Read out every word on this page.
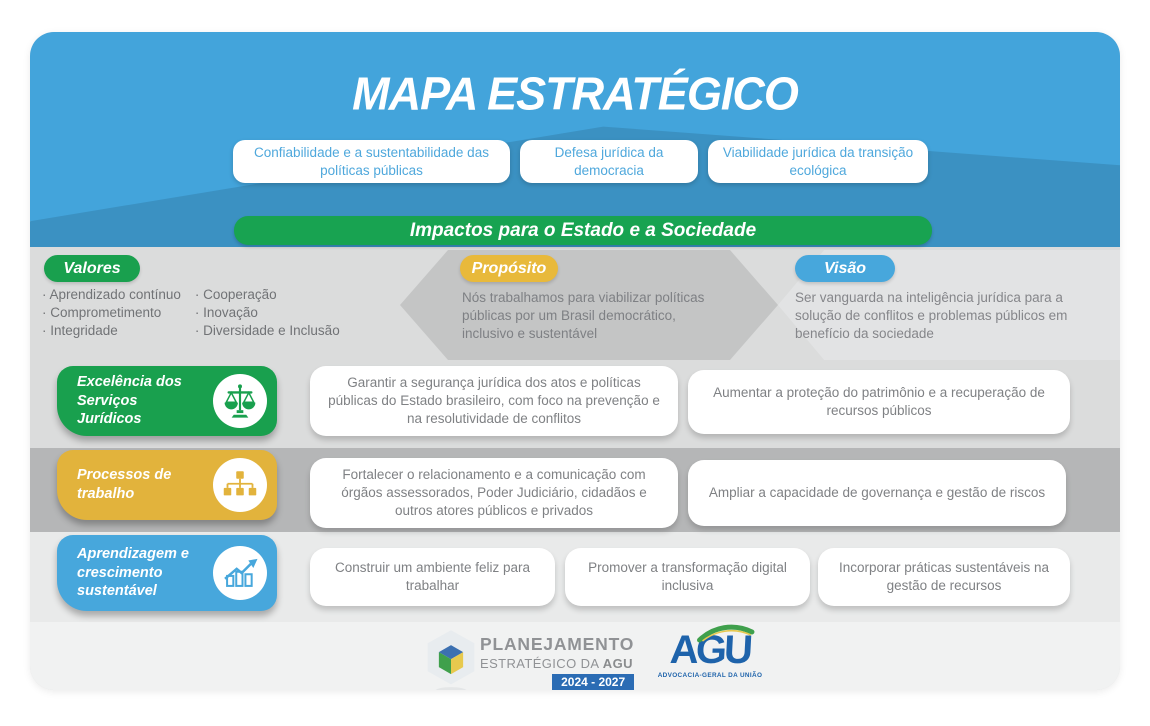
MAPA ESTRATÉGICO
Confiabilidade e a sustentabilidade das políticas públicas
Defesa jurídica da democracia
Viabilidade jurídica da transição ecológica
Impactos para o Estado e a Sociedade
Valores	Propósito	Visão
· Aprendizado contínuo
· Comprometimento
· Integridade
· Cooperação
· Inovação
· Diversidade e Inclusão
Nós trabalhamos para viabilizar políticas públicas por um Brasil democrático, inclusivo e sustentável
Ser vanguarda na inteligência jurídica para a solução de conflitos e problemas públicos em benefício da sociedade
Excelência dos Serviços Jurídicos
Processos de trabalho
Aprendizagem e crescimento sustentável
Garantir a segurança jurídica dos atos e políticas públicas do Estado brasileiro, com foco na prevenção e na resolutividade de conflitos
Aumentar a proteção do patrimônio e a recuperação de recursos públicos
Fortalecer o relacionamento e a comunicação com órgãos assessorados, Poder Judiciário, cidadãos e outros atores públicos e privados
Ampliar a capacidade de governança e gestão de riscos
Construir um ambiente feliz para trabalhar
Promover a transformação digital inclusiva
Incorporar práticas sustentáveis na gestão de recursos
PLANEJAMENTO
ESTRATÉGICO DA AGU
2024 - 2027
AGU
ADVOCACIA-GERAL DA UNIÃO
